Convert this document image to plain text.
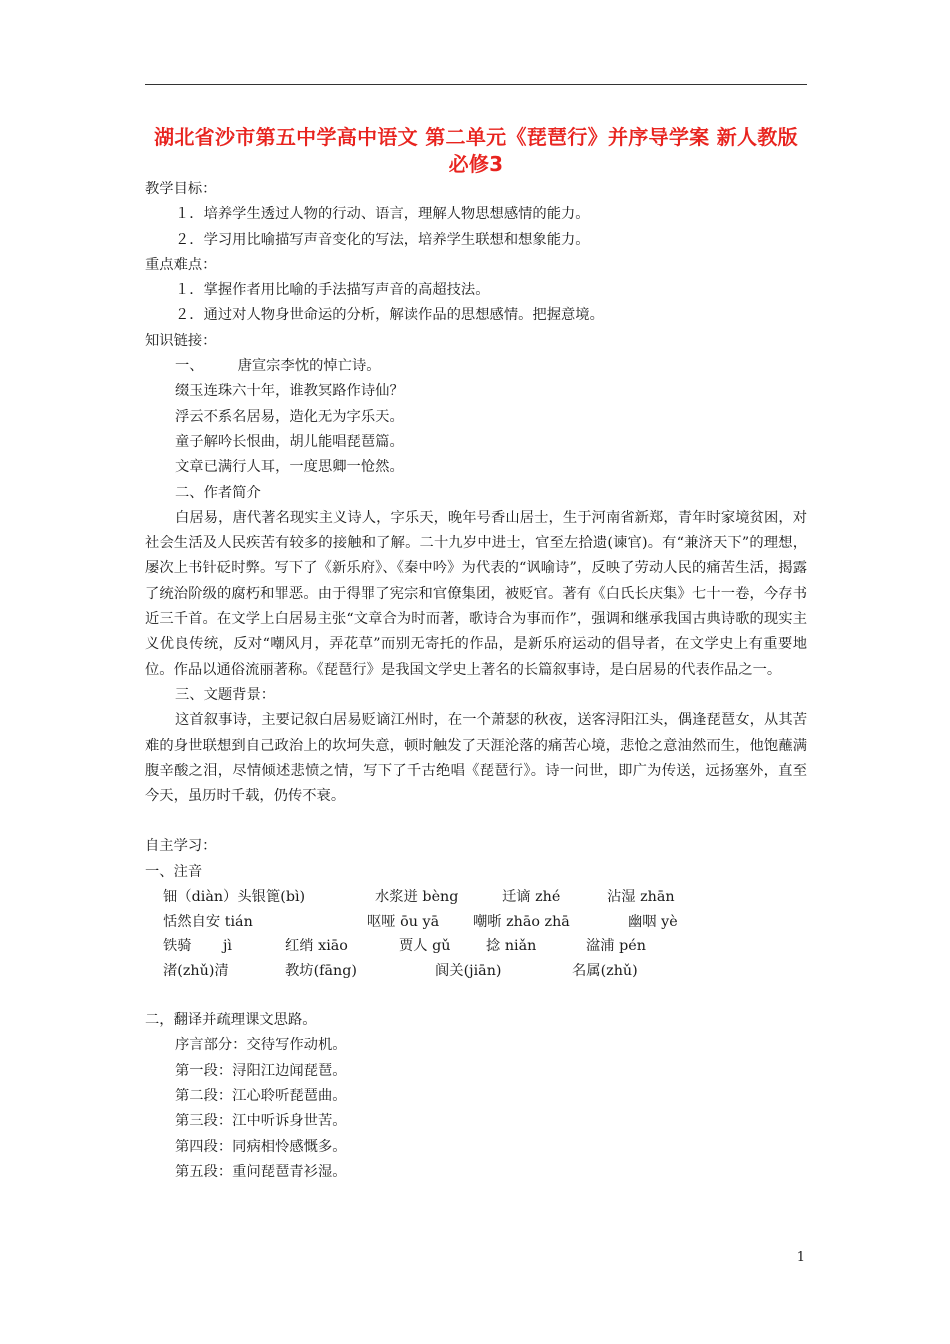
湖北省沙市第五中学高中语文 第二单元《琵琶行》并序导学案 新人教版必修3
教学目标：
１．培养学生透过人物的行动、语言，理解人物思想感情的能力。
２．学习用比喻描写声音变化的写法，培养学生联想和想象能力。
重点难点：
１．掌握作者用比喻的手法描写声音的高超技法。
２．通过对人物身世命运的分析，解读作品的思想感情。把握意境。
知识链接：
一、 唐宣宗李忱的悼亡诗。
缀玉连珠六十年，谁教冥路作诗仙？
浮云不系名居易，造化无为字乐天。
童子解吟长恨曲，胡儿能唱琵琶篇。
文章已满行人耳，一度思卿一怆然。
二、作者简介
白居易，唐代著名现实主义诗人，字乐天，晚年号香山居士，生于河南省新郑，青年时家境贫困，对社会生活及人民疾苦有较多的接触和了解。二十九岁中进士，官至左拾遗(谏官)。有“兼济天下”的理想，屡次上书针砭时弊。写下了《新乐府》、《秦中吟》为代表的“讽喻诗”，反映了劳动人民的痛苦生活，揭露了统治阶级的腐朽和罪恶。由于得罪了宪宗和官僚集团，被贬官。著有《白氏长庆集》七十一卷，今存书近三千首。在文学上白居易主张“文章合为时而著，歌诗合为事而作”，强调和继承我国古典诗歌的现实主义优良传统，反对“嘲风月，弄花草”而别无寄托的作品，是新乐府运动的倡导者，在文学史上有重要地位。作品以通俗流丽著称。《琵琶行》是我国文学史上著名的长篇叙事诗，是白居易的代表作品之一。
三、文题背景：
这首叙事诗，主要记叙白居易贬谪江州时，在一个萧瑟的秋夜，送客浔阳江头，偶逢琵琶女，从其苦难的身世联想到自己政治上的坎坷失意，顿时触发了天涯沦落的痛苦心境，悲怆之意油然而生，他饱蘸满腹辛酸之泪，尽情倾述悲愤之情，写下了千古绝唱《琵琶行》。诗一问世，即广为传送，远扬塞外，直至今天，虽历时千载，仍传不衰。
自主学习：
一、注音
钿（diàn）头银篦(bì)	水浆迸 bèng	迁谪 zhé	沾湿 zhān
恬然自安 tián	呕哑 ōu yā 嘲哳 zhāo zhā	幽咽 yè
铁骑 jì	红绡 xiāo	贾人 gǔ 捻 niǎn	湓浦 pén
渚(zhǔ)清	教坊(fāng)	阆关(jiān)	名属(zhǔ)
二，翻译并疏理课文思路。
序言部分：交待写作动机。
第一段：浔阳江边闻琵琶。
第二段：江心聆听琵琶曲。
第三段：江中听诉身世苦。
第四段：同病相怜感慨多。
第五段：重问琵琶青衫湿。
1
